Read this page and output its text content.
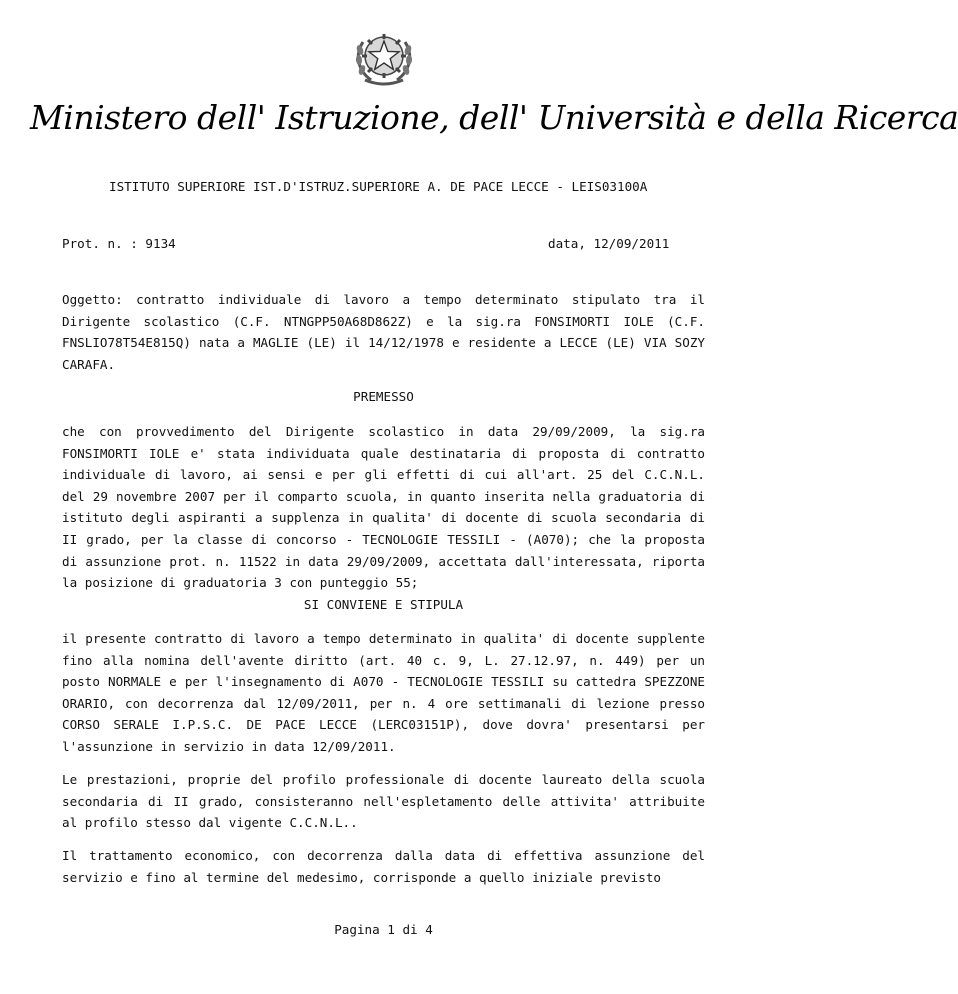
Ministero dell' Istruzione, dell' Università e della Ricerca
ISTITUTO SUPERIORE IST.D'ISTRUZ.SUPERIORE A. DE PACE LECCE - LEIS03100A
Prot. n. : 9134	data, 12/09/2011
Oggetto: contratto individuale di lavoro a tempo determinato stipulato tra il Dirigente scolastico (C.F. NTNGPP50A68D862Z) e la sig.ra FONSIMORTI IOLE (C.F. FNSLIO78T54E815Q) nata a MAGLIE (LE) il 14/12/1978 e residente a LECCE (LE) VIA SOZY CARAFA.
PREMESSO
che con provvedimento del Dirigente scolastico in data 29/09/2009, la sig.ra FONSIMORTI IOLE e' stata individuata quale destinataria di proposta di contratto individuale di lavoro, ai sensi e per gli effetti di cui all'art. 25 del C.C.N.L. del 29 novembre 2007 per il comparto scuola, in quanto inserita nella graduatoria di istituto degli aspiranti a supplenza in qualita' di docente di scuola secondaria di II grado, per la classe di concorso - TECNOLOGIE TESSILI - (A070); che la proposta di assunzione prot. n. 11522 in data 29/09/2009, accettata dall'interessata, riporta la posizione di graduatoria 3 con punteggio 55;
SI CONVIENE E STIPULA
il presente contratto di lavoro a tempo determinato in qualita' di docente supplente fino alla nomina dell'avente diritto (art. 40 c. 9, L. 27.12.97, n. 449) per un posto NORMALE e per l'insegnamento di A070 - TECNOLOGIE TESSILI su cattedra SPEZZONE ORARIO, con decorrenza dal 12/09/2011, per n. 4 ore settimanali di lezione presso CORSO SERALE I.P.S.C. DE PACE LECCE (LERC03151P), dove dovra' presentarsi per l'assunzione in servizio in data 12/09/2011.
Le prestazioni, proprie del profilo professionale di docente laureato della scuola secondaria di II grado, consisteranno nell'espletamento delle attivita' attribuite al profilo stesso dal vigente C.C.N.L..
Il trattamento economico, con decorrenza dalla data di effettiva assunzione del servizio e fino al termine del medesimo, corrisponde a quello iniziale previsto
Pagina 1 di 4
